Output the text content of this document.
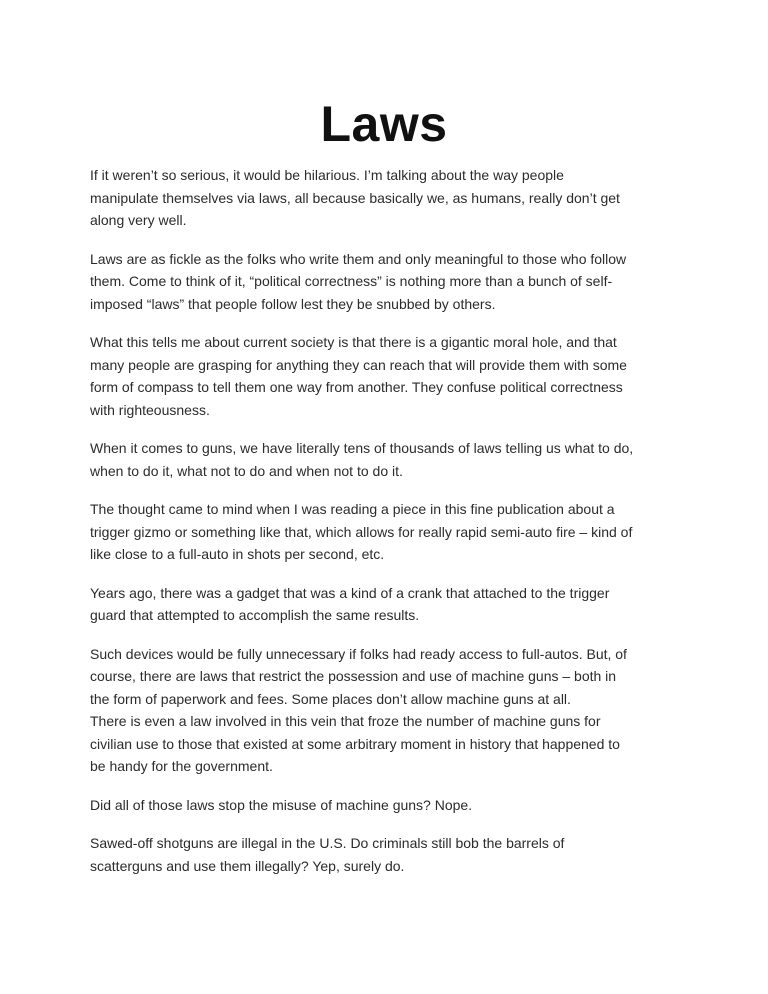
Laws

If it weren’t so serious, it would be hilarious. I’m talking about the way people
manipulate themselves via laws, all because basically we, as humans, really don’t get
along very well.

Laws are as fickle as the folks who write them and only meaningful to those who follow
them. Come to think of it, “political correctness” is nothing more than a bunch of self-
imposed “laws” that people follow lest they be snubbed by others.

What this tells me about current society is that there is a gigantic moral hole, and that
many people are grasping for anything they can reach that will provide them with some
form of compass to tell them one way from another. They confuse political correctness
with righteousness.

When it comes to guns, we have literally tens of thousands of laws telling us what to do,
when to do it, what not to do and when not to do it.

The thought came to mind when I was reading a piece in this fine publication about a
trigger gizmo or something like that, which allows for really rapid semi-auto fire – kind of
like close to a full-auto in shots per second, etc.

Years ago, there was a gadget that was a kind of a crank that attached to the trigger
guard that attempted to accomplish the same results.

Such devices would be fully unnecessary if folks had ready access to full-autos. But, of
course, there are laws that restrict the possession and use of machine guns – both in
the form of paperwork and fees. Some places don’t allow machine guns at all.

There is even a law involved in this vein that froze the number of machine guns for
civilian use to those that existed at some arbitrary moment in history that happened to
be handy for the government.

Did all of those laws stop the misuse of machine guns? Nope.

Sawed-off shotguns are illegal in the U.S. Do criminals still bob the barrels of
scatterguns and use them illegally? Yep, surely do.
